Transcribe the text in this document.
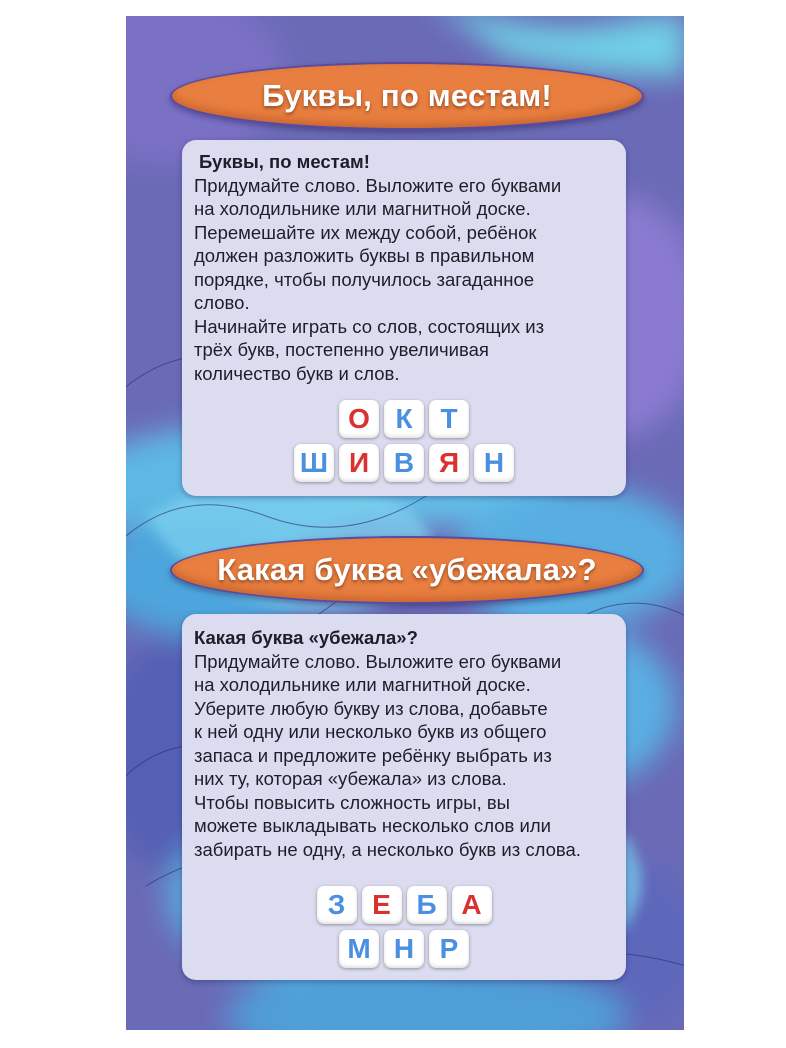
Буквы, по местам!
Буквы, по местам!
Придумайте слово. Выложите его буквами
на холодильнике или магнитной доске.
Перемешайте их между собой, ребёнок
должен разложить буквы в правильном
порядке, чтобы получилось загаданное
слово.
Начинайте играть со слов, состоящих из
трёх букв, постепенно увеличивая
количество букв и слов.
О К Т
Ш И В Я Н
Какая буква «убежала»?
Какая буква «убежала»?
Придумайте слово. Выложите его буквами
на холодильнике или магнитной доске.
Уберите любую букву из слова, добавьте
к ней одну или несколько букв из общего
запаса и предложите ребёнку выбрать из
них ту, которая «убежала» из слова.
Чтобы повысить сложность игры, вы
можете выкладывать несколько слов или
забирать не одну, а несколько букв из слова.
З Е Б А
М Н Р
